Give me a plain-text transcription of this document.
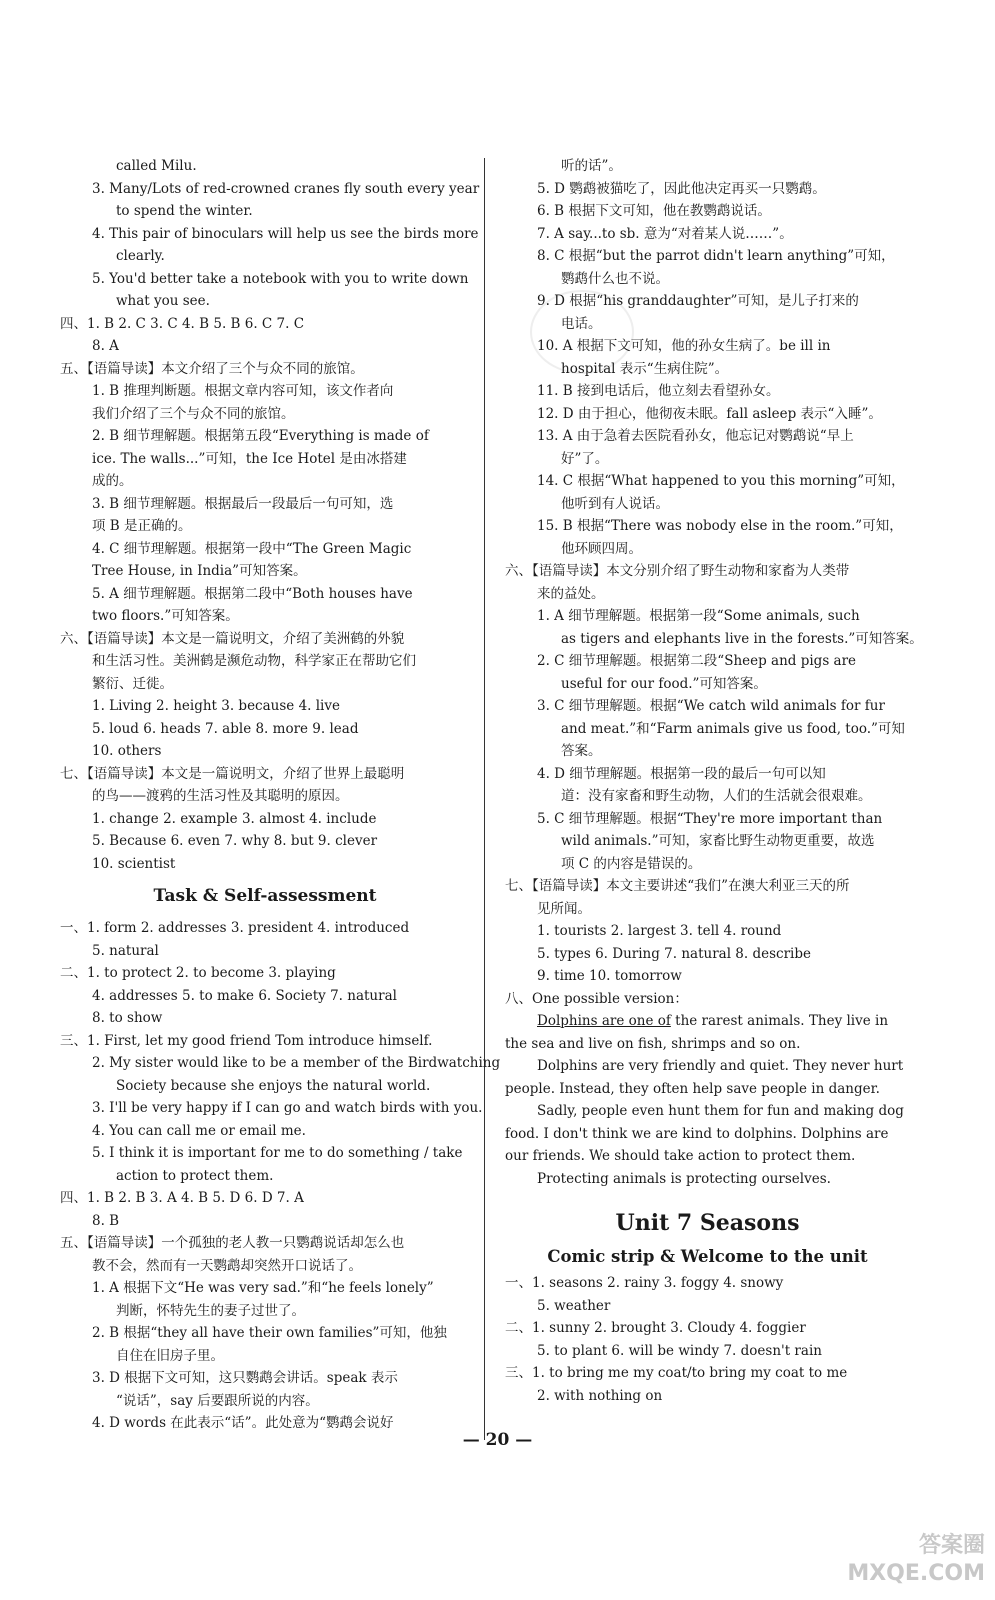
called Milu.
3. Many/Lots of red-crowned cranes fly south every year
to spend the winter.
4. This pair of binoculars will help us see the birds more
clearly.
5. You'd better take a notebook with you to write down
what you see.
四、1. B 2. C 3. C 4. B 5. B 6. C 7. C
8. A
五、【语篇导读】本文介绍了三个与众不同的旅馆。
1. B 推理判断题。根据文章内容可知，该文作者向
我们介绍了三个与众不同的旅馆。
2. B 细节理解题。根据第五段“Everything is made of
ice. The walls...”可知，the Ice Hotel 是由冰搭建
成的。
3. B 细节理解题。根据最后一段最后一句可知，选
项 B 是正确的。
4. C 细节理解题。根据第一段中“The Green Magic
Tree House, in India”可知答案。
5. A 细节理解题。根据第二段中“Both houses have
two floors.”可知答案。
六、【语篇导读】本文是一篇说明文，介绍了美洲鹤的外貌
和生活习性。美洲鹤是濒危动物，科学家正在帮助它们
繁衍、迁徙。
1. Living 2. height 3. because 4. live
5. loud 6. heads 7. able 8. more 9. lead
10. others
七、【语篇导读】本文是一篇说明文，介绍了世界上最聪明
的鸟——渡鸦的生活习性及其聪明的原因。
1. change 2. example 3. almost 4. include
5. Because 6. even 7. why 8. but 9. clever
10. scientist
Task & Self-assessment
一、1. form 2. addresses 3. president 4. introduced
5. natural
二、1. to protect 2. to become 3. playing
4. addresses 5. to make 6. Society 7. natural
8. to show
三、1. First, let my good friend Tom introduce himself.
2. My sister would like to be a member of the Birdwatching
Society because she enjoys the natural world.
3. I'll be very happy if I can go and watch birds with you.
4. You can call me or email me.
5. I think it is important for me to do something / take
action to protect them.
四、1. B 2. B 3. A 4. B 5. D 6. D 7. A
8. B
五、【语篇导读】一个孤独的老人教一只鹦鹉说话却怎么也
教不会，然而有一天鹦鹉却突然开口说话了。
1. A 根据下文“He was very sad.”和“he feels lonely”
判断，怀特先生的妻子过世了。
2. B 根据“they all have their own families”可知，他独
自住在旧房子里。
3. D 根据下文可知，这只鹦鹉会讲话。speak 表示
“说话”，say 后要跟所说的内容。
4. D words 在此表示“话”。此处意为“鹦鹉会说好
听的话”。
5. D 鹦鹉被猫吃了，因此他决定再买一只鹦鹉。
6. B 根据下文可知，他在教鹦鹉说话。
7. A say...to sb. 意为“对着某人说……”。
8. C 根据“but the parrot didn't learn anything”可知，
鹦鹉什么也不说。
9. D 根据“his granddaughter”可知，是儿子打来的
电话。
10. A 根据下文可知，他的孙女生病了。be ill in
hospital 表示“生病住院”。
11. B 接到电话后，他立刻去看望孙女。
12. D 由于担心，他彻夜未眠。fall asleep 表示“入睡”。
13. A 由于急着去医院看孙女，他忘记对鹦鹉说“早上
好”了。
14. C 根据“What happened to you this morning”可知，
他听到有人说话。
15. B 根据“There was nobody else in the room.”可知，
他环顾四周。
六、【语篇导读】本文分别介绍了野生动物和家畜为人类带
来的益处。
1. A 细节理解题。根据第一段“Some animals, such
as tigers and elephants live in the forests.”可知答案。
2. C 细节理解题。根据第二段“Sheep and pigs are
useful for our food.”可知答案。
3. C 细节理解题。根据“We catch wild animals for fur
and meat.”和“Farm animals give us food, too.”可知
答案。
4. D 细节理解题。根据第一段的最后一句可以知
道：没有家畜和野生动物，人们的生活就会很艰难。
5. C 细节理解题。根据“They're more important than
wild animals.”可知，家畜比野生动物更重要，故选
项 C 的内容是错误的。
七、【语篇导读】本文主要讲述“我们”在澳大利亚三天的所
见所闻。
1. tourists 2. largest 3. tell 4. round
5. types 6. During 7. natural 8. describe
9. time 10. tomorrow
八、One possible version：
Dolphins are one of the rarest animals. They live in
the sea and live on fish, shrimps and so on.
Dolphins are very friendly and quiet. They never hurt
people. Instead, they often help save people in danger.
Sadly, people even hunt them for fun and making dog
food. I don't think we are kind to dolphins. Dolphins are
our friends. We should take action to protect them.
Protecting animals is protecting ourselves.
Unit 7 Seasons
Comic strip & Welcome to the unit
一、1. seasons 2. rainy 3. foggy 4. snowy
5. weather
二、1. sunny 2. brought 3. Cloudy 4. foggier
5. to plant 6. will be windy 7. doesn't rain
三、1. to bring me my coat/to bring my coat to me
2. with nothing on
— 20 —
答案圈
MXQE.COM
